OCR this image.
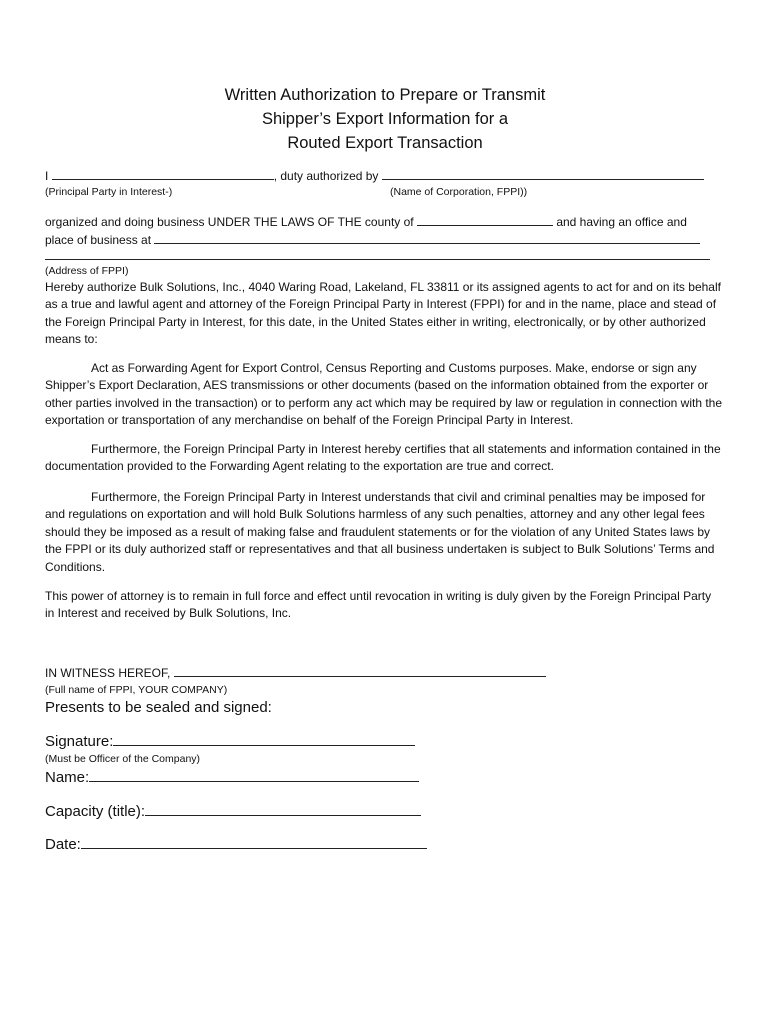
Written Authorization to Prepare or Transmit
Shipper’s Export Information for a
Routed Export Transaction
I	, duty authorized by
(Principal Party in Interest-)	(Name of Corporation, FPPI))
organized and doing business UNDER THE LAWS OF THE county of	and having an office and
place of business at
(Address of FPPI)
Hereby authorize Bulk Solutions, Inc., 4040 Waring Road, Lakeland, FL 33811 or its assigned agents to act for and on its behalf as a true and lawful agent and attorney of the Foreign Principal Party in Interest (FPPI) for and in the name, place and stead of the Foreign Principal Party in Interest, for this date, in the United States either in writing, electronically, or by other authorized means to:
Act as Forwarding Agent for Export Control, Census Reporting and Customs purposes. Make, endorse or sign any Shipper’s Export Declaration, AES transmissions or other documents (based on the information obtained from the exporter or other parties involved in the transaction) or to perform any act which may be required by law or regulation in connection with the exportation or transportation of any merchandise on behalf of the Foreign Principal Party in Interest.
Furthermore, the Foreign Principal Party in Interest hereby certifies that all statements and information contained in the documentation provided to the Forwarding Agent relating to the exportation are true and correct.
Furthermore, the Foreign Principal Party in Interest understands that civil and criminal penalties may be imposed for and regulations on exportation and will hold Bulk Solutions harmless of any such penalties, attorney and any other legal fees should they be imposed as a result of making false and fraudulent statements or for the violation of any United States laws by the FPPI or its duly authorized staff or representatives and that all business undertaken is subject to Bulk Solutions’ Terms and Conditions.
This power of attorney is to remain in full force and effect until revocation in writing is duly given by the Foreign Principal Party in Interest and received by Bulk Solutions, Inc.
IN WITNESS HEREOF,
(Full name of FPPI, YOUR COMPANY)
Presents to be sealed and signed:
Signature:
(Must be Officer of the Company)
Name:
Capacity (title):
Date:
